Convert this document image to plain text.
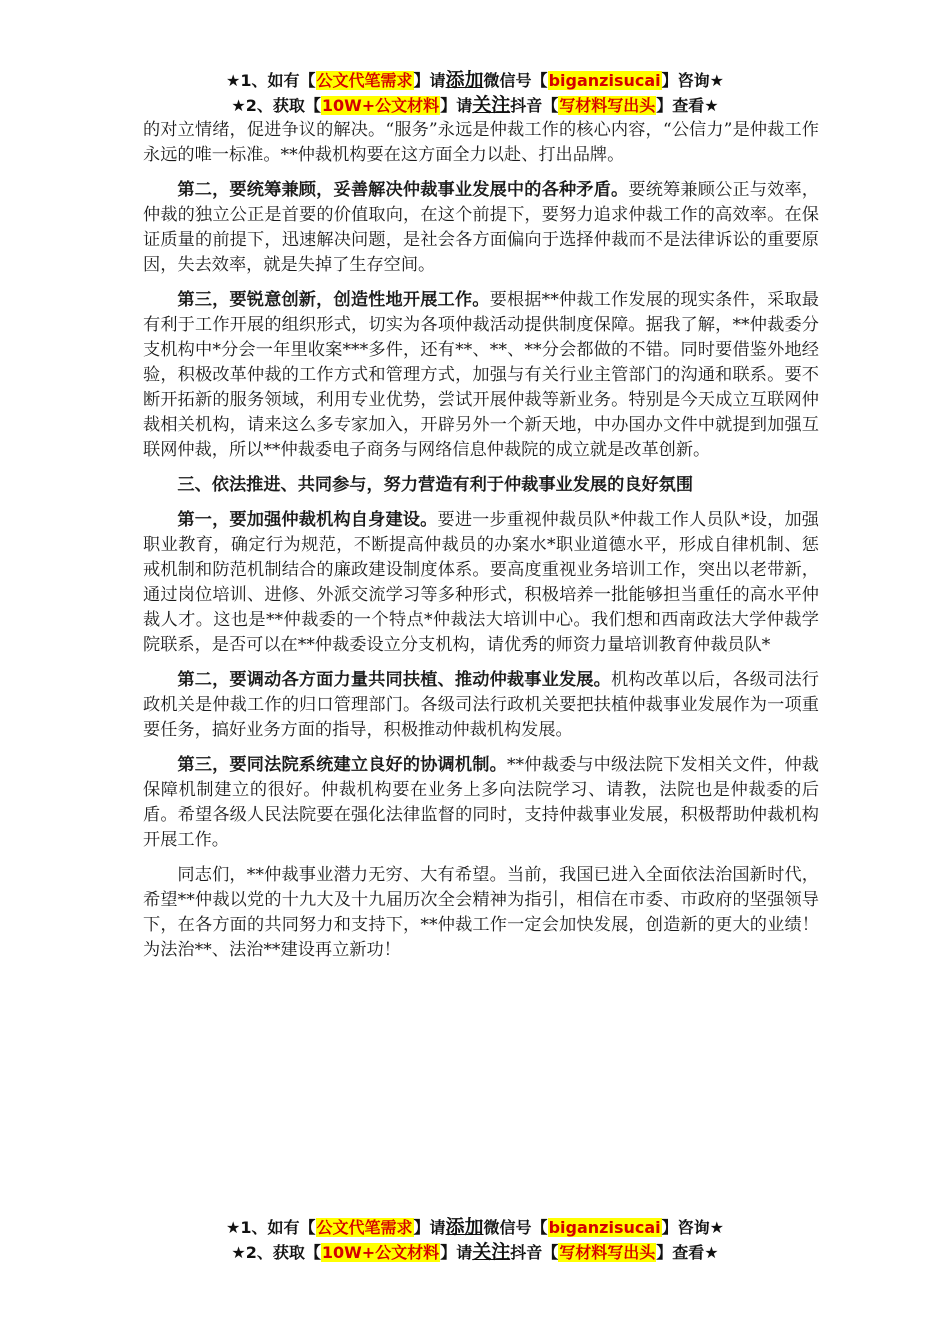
★1、如有【公文代笔需求】请添加微信号【biganzisucai】咨询★
★2、获取【10W+公文材料】请关注抖音【写材料写出头】查看★

的对立情绪，促进争议的解决。“服务”永远是仲裁工作的核心内容，“公信力”是仲裁工作永远的唯一标准。**仲裁机构要在这方面全力以赴、打出品牌。

第二，要统筹兼顾，妥善解决仲裁事业发展中的各种矛盾。要统筹兼顾公正与效率，仲裁的独立公正是首要的价值取向，在这个前提下，要努力追求仲裁工作的高效率。在保证质量的前提下，迅速解决问题，是社会各方面偏向于选择仲裁而不是法律诉讼的重要原因，失去效率，就是失掉了生存空间。

第三，要锐意创新，创造性地开展工作。要根据**仲裁工作发展的现实条件，采取最有利于工作开展的组织形式，切实为各项仲裁活动提供制度保障。据我了解，**仲裁委分支机构中*分会一年里收案***多件，还有**、**、**分会都做的不错。同时要借鉴外地经验，积极改革仲裁的工作方式和管理方式，加强与有关行业主管部门的沟通和联系。要不断开拓新的服务领域，利用专业优势，尝试开展仲裁等新业务。特别是今天成立互联网仲裁相关机构，请来这么多专家加入，开辟另外一个新天地，中办国办文件中就提到加强互联网仲裁，所以**仲裁委电子商务与网络信息仲裁院的成立就是改革创新。

三、依法推进、共同参与，努力营造有利于仲裁事业发展的良好氛围

第一，要加强仲裁机构自身建设。要进一步重视仲裁员队*仲裁工作人员队*设，加强职业教育，确定行为规范，不断提高仲裁员的办案水*职业道德水平，形成自律机制、惩戒机制和防范机制结合的廉政建设制度体系。要高度重视业务培训工作，突出以老带新，通过岗位培训、进修、外派交流学习等多种形式，积极培养一批能够担当重任的高水平仲裁人才。这也是**仲裁委的一个特点*仲裁法大培训中心。我们想和西南政法大学仲裁学院联系，是否可以在**仲裁委设立分支机构，请优秀的师资力量培训教育仲裁员队*

第二，要调动各方面力量共同扶植、推动仲裁事业发展。机构改革以后，各级司法行政机关是仲裁工作的归口管理部门。各级司法行政机关要把扶植仲裁事业发展作为一项重要任务，搞好业务方面的指导，积极推动仲裁机构发展。

第三，要同法院系统建立良好的协调机制。**仲裁委与中级法院下发相关文件，仲裁保障机制建立的很好。仲裁机构要在业务上多向法院学习、请教，法院也是仲裁委的后盾。希望各级人民法院要在强化法律监督的同时，支持仲裁事业发展，积极帮助仲裁机构开展工作。

同志们，**仲裁事业潜力无穷、大有希望。当前，我国已进入全面依法治国新时代，希望**仲裁以党的十九大及十九届历次全会精神为指引，相信在市委、市政府的坚强领导下，在各方面的共同努力和支持下，**仲裁工作一定会加快发展，创造新的更大的业绩！为法治**、法治**建设再立新功！

★1、如有【公文代笔需求】请添加微信号【biganzisucai】咨询★
★2、获取【10W+公文材料】请关注抖音【写材料写出头】查看★
